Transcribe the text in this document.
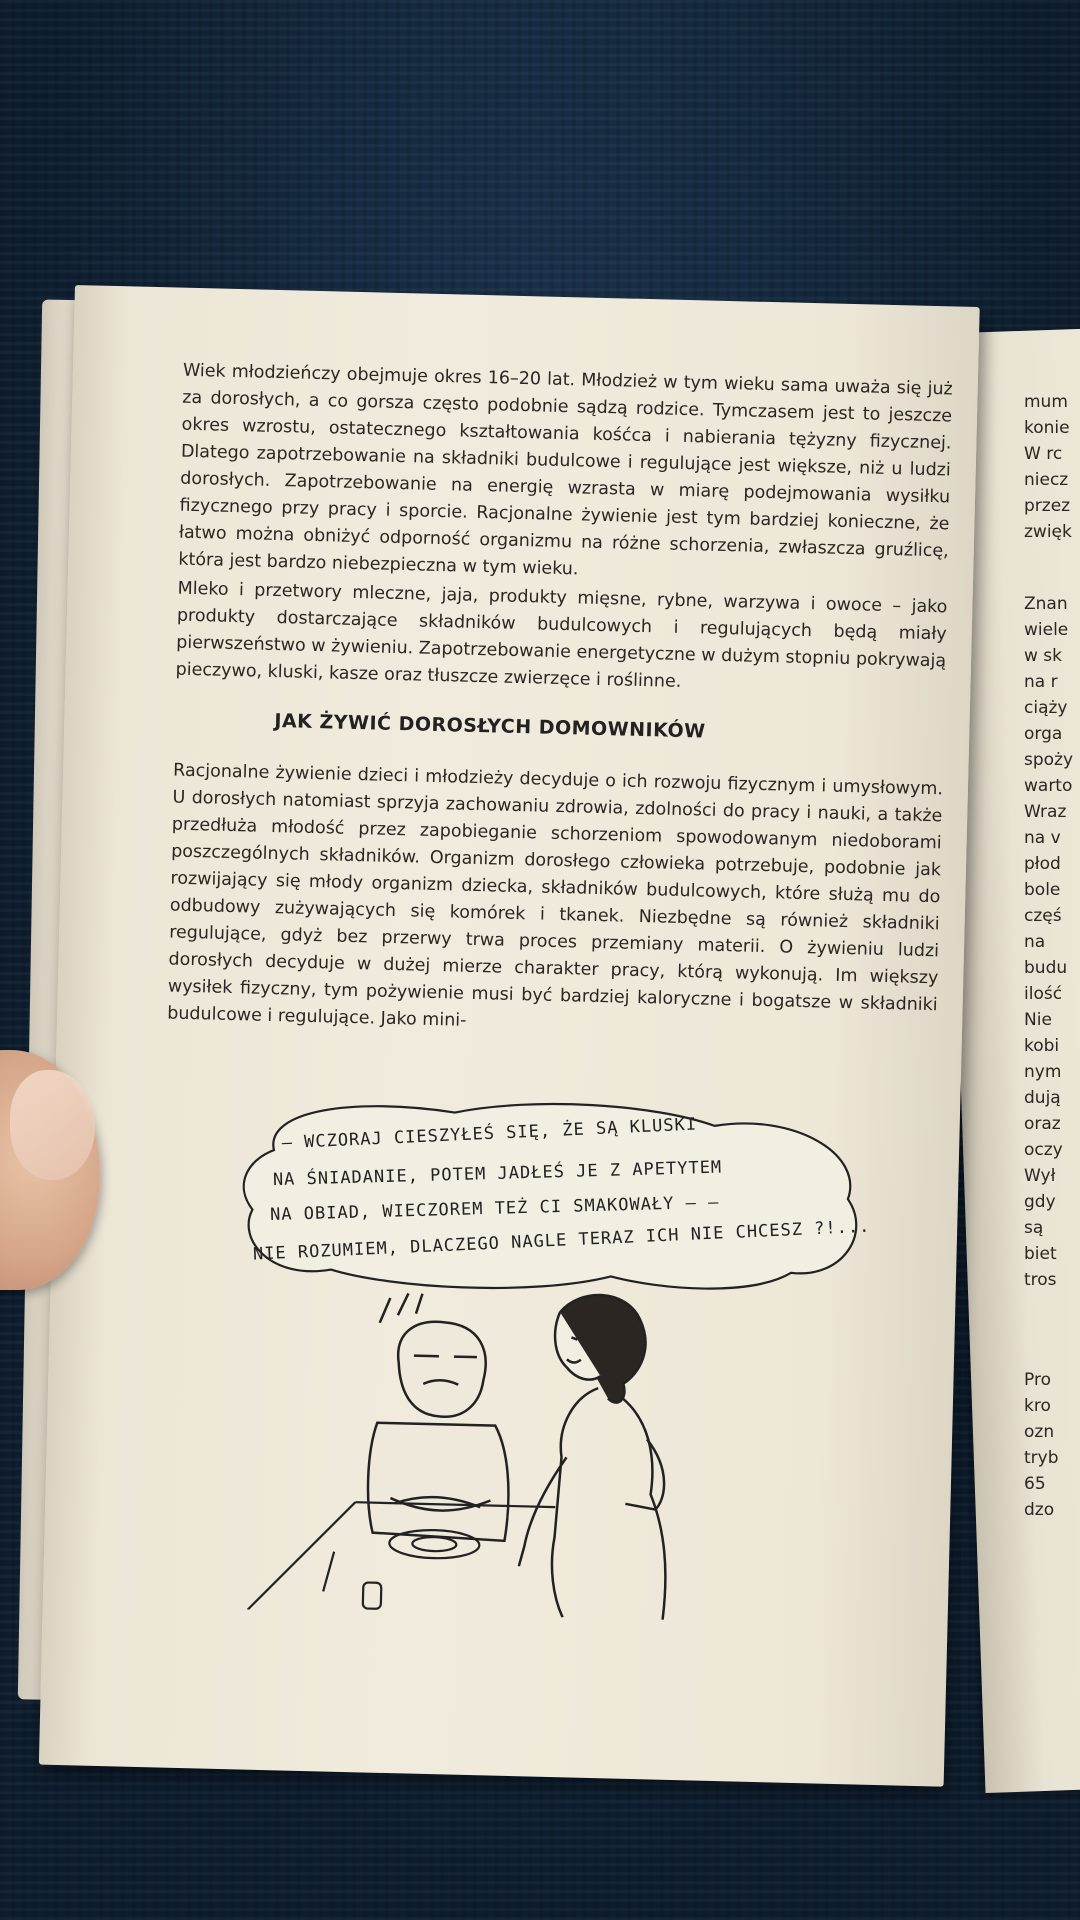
Wiek młodzieńczy obejmuje okres 16–20 lat. Młodzież w tym wieku sama uważa się już za dorosłych, a co gorsza często podobnie sądzą rodzice. Tymczasem jest to jeszcze okres wzrostu, ostatecznego kształtowania kośćca i nabierania tężyzny fizycznej. Dlatego zapotrzebowanie na składniki budulcowe i regulujące jest większe, niż u ludzi dorosłych. Zapotrzebowanie na energię wzrasta w miarę podejmowania wysiłku fizycznego przy pracy i sporcie. Racjonalne żywienie jest tym bardziej konieczne, że łatwo można obniżyć odporność organizmu na różne schorzenia, zwłaszcza gruźlicę, która jest bardzo niebezpieczna w tym wieku.

Mleko i przetwory mleczne, jaja, produkty mięsne, rybne, warzywa i owoce – jako produkty dostarczające składników budulcowych i regulujących będą miały pierwszeństwo w żywieniu. Zapotrzebowanie energetyczne w dużym stopniu pokrywają pieczywo, kluski, kasze oraz tłuszcze zwierzęce i roślinne.

JAK ŻYWIĆ DOROSŁYCH DOMOWNIKÓW

Racjonalne żywienie dzieci i młodzieży decyduje o ich rozwoju fizycznym i umysłowym. U dorosłych natomiast sprzyja zachowaniu zdrowia, zdolności do pracy i nauki, a także przedłuża młodość przez zapobieganie schorzeniom spowodowanym niedoborami poszczególnych składników. Organizm dorosłego człowieka potrzebuje, podobnie jak rozwijający się młody organizm dziecka, składników budulcowych, które służą mu do odbudowy zużywających się komórek i tkanek. Niezbędne są również składniki regulujące, gdyż bez przerwy trwa proces przemiany materii. O żywieniu ludzi dorosłych decyduje w dużej mierze charakter pracy, którą wykonują. Im większy wysiłek fizyczny, tym pożywienie musi być bardziej kaloryczne i bogatsze w składniki budulcowe i regulujące. Jako mini-

– WCZORAJ CIESZYŁEŚ SIĘ, ŻE SĄ KLUSKI
NA ŚNIADANIE, POTEM JADŁEŚ JE Z APETYTEM
NA OBIAD, WIECZOREM TEŻ CI SMAKOWAŁY – –
NIE ROZUMIEM, DLACZEGO NAGLE TERAZ ICH NIE CHCESZ ?!...
mum
konie
W rc
niecz
przez
zwięk
Znan
wiele
w sk
na r
ciąży
orga
spoży
warto
Wraz
na v
płod
bole
częś
na
budu
ilość
Nie
kobi
nym
dują
oraz
oczy
Wył
gdy
są
biet
tros
Pro
kro
ozn
tryb
65
dzo
